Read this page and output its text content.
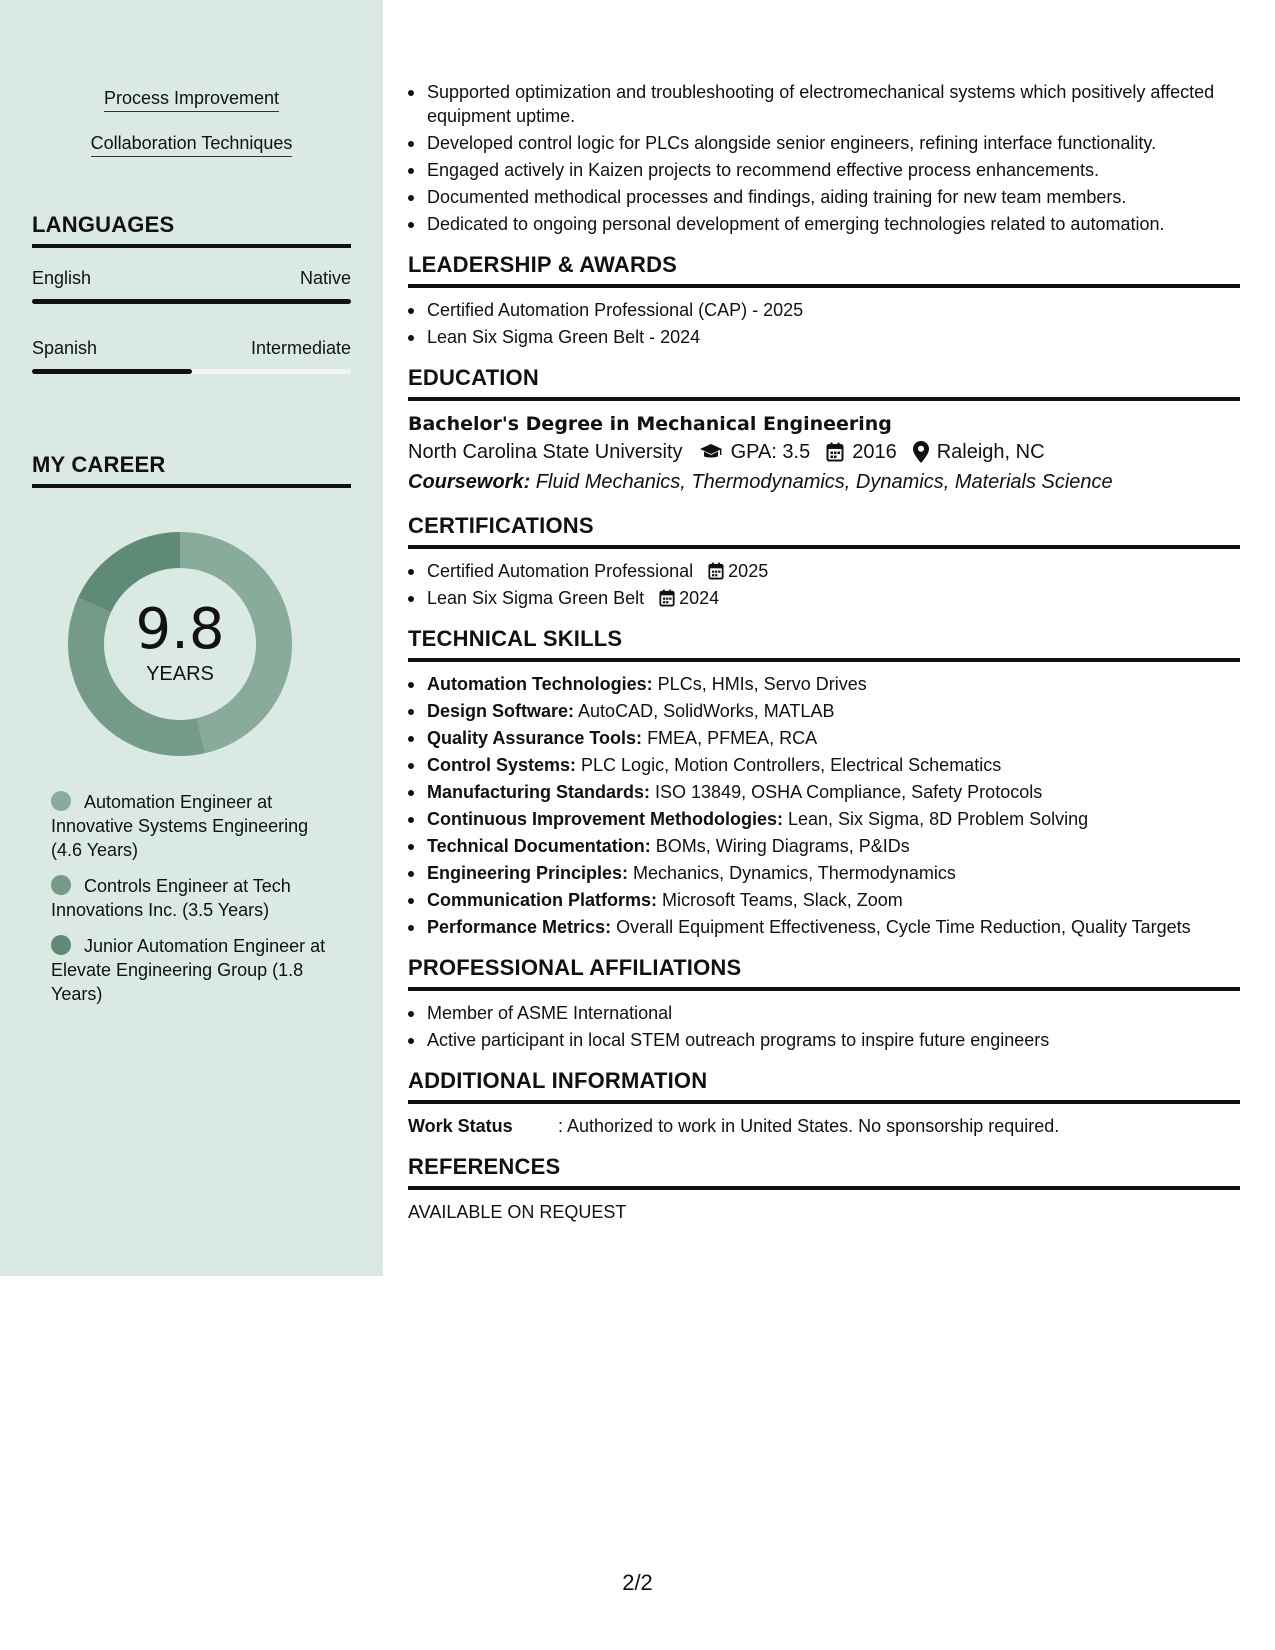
Process Improvement
Collaboration Techniques
LANGUAGES
English	Native
Spanish	Intermediate
MY CAREER
9.8
YEARS
Automation Engineer at Innovative Systems Engineering (4.6 Years)
Controls Engineer at Tech Innovations Inc. (3.5 Years)
Junior Automation Engineer at Elevate Engineering Group (1.8 Years)
Supported optimization and troubleshooting of electromechanical systems which positively affected equipment uptime.
Developed control logic for PLCs alongside senior engineers, refining interface functionality.
Engaged actively in Kaizen projects to recommend effective process enhancements.
Documented methodical processes and findings, aiding training for new team members.
Dedicated to ongoing personal development of emerging technologies related to automation.
LEADERSHIP & AWARDS
Certified Automation Professional (CAP) - 2025
Lean Six Sigma Green Belt - 2024
EDUCATION
Bachelor's Degree in Mechanical Engineering
North Carolina State University GPA: 3.5 2016 Raleigh, NC
Coursework: Fluid Mechanics, Thermodynamics, Dynamics, Materials Science
CERTIFICATIONS
Certified Automation Professional 2025
Lean Six Sigma Green Belt 2024
TECHNICAL SKILLS
Automation Technologies: PLCs, HMIs, Servo Drives
Design Software: AutoCAD, SolidWorks, MATLAB
Quality Assurance Tools: FMEA, PFMEA, RCA
Control Systems: PLC Logic, Motion Controllers, Electrical Schematics
Manufacturing Standards: ISO 13849, OSHA Compliance, Safety Protocols
Continuous Improvement Methodologies: Lean, Six Sigma, 8D Problem Solving
Technical Documentation: BOMs, Wiring Diagrams, P&IDs
Engineering Principles: Mechanics, Dynamics, Thermodynamics
Communication Platforms: Microsoft Teams, Slack, Zoom
Performance Metrics: Overall Equipment Effectiveness, Cycle Time Reduction, Quality Targets
PROFESSIONAL AFFILIATIONS
Member of ASME International
Active participant in local STEM outreach programs to inspire future engineers
ADDITIONAL INFORMATION
Work Status	: Authorized to work in United States. No sponsorship required.
REFERENCES
AVAILABLE ON REQUEST
2/2
